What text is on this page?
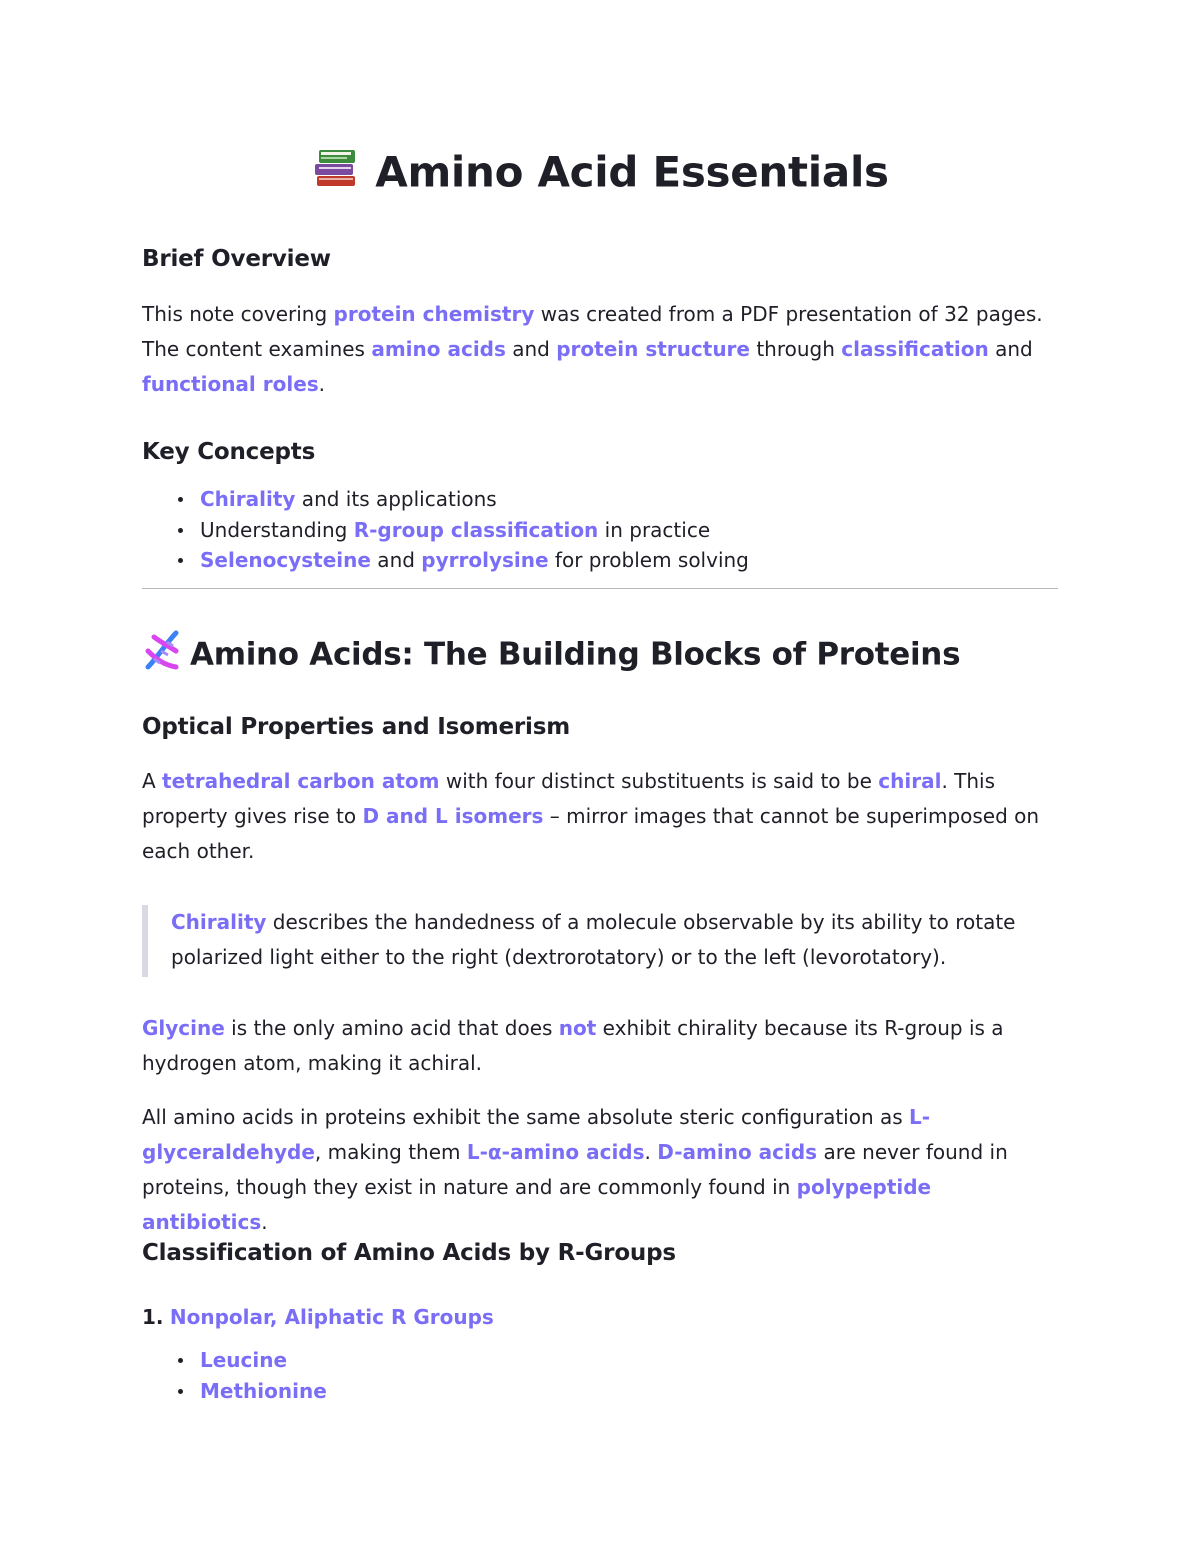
Amino Acid Essentials
Brief Overview

This note covering protein chemistry was created from a PDF presentation of 32 pages. The content examines amino acids and protein structure through classification and functional roles.

Key Concepts
Chirality and its applications
Understanding R-group classification in practice
Selenocysteine and pyrrolysine for problem solving
Amino Acids: The Building Blocks of Proteins
Optical Properties and Isomerism

A tetrahedral carbon atom with four distinct substituents is said to be chiral. This property gives rise to D and L isomers – mirror images that cannot be superimposed on each other.

Chirality describes the handedness of a molecule observable by its ability to rotate polarized light either to the right (dextrorotatory) or to the left (levorotatory).

Glycine is the only amino acid that does not exhibit chirality because its R-group is a hydrogen atom, making it achiral.

All amino acids in proteins exhibit the same absolute steric configuration as L-glyceraldehyde, making them L-α-amino acids. D-amino acids are never found in proteins, though they exist in nature and are commonly found in polypeptide antibiotics.

Classification of Amino Acids by R-Groups

1. Nonpolar, Aliphatic R Groups

Leucine
Methionine
